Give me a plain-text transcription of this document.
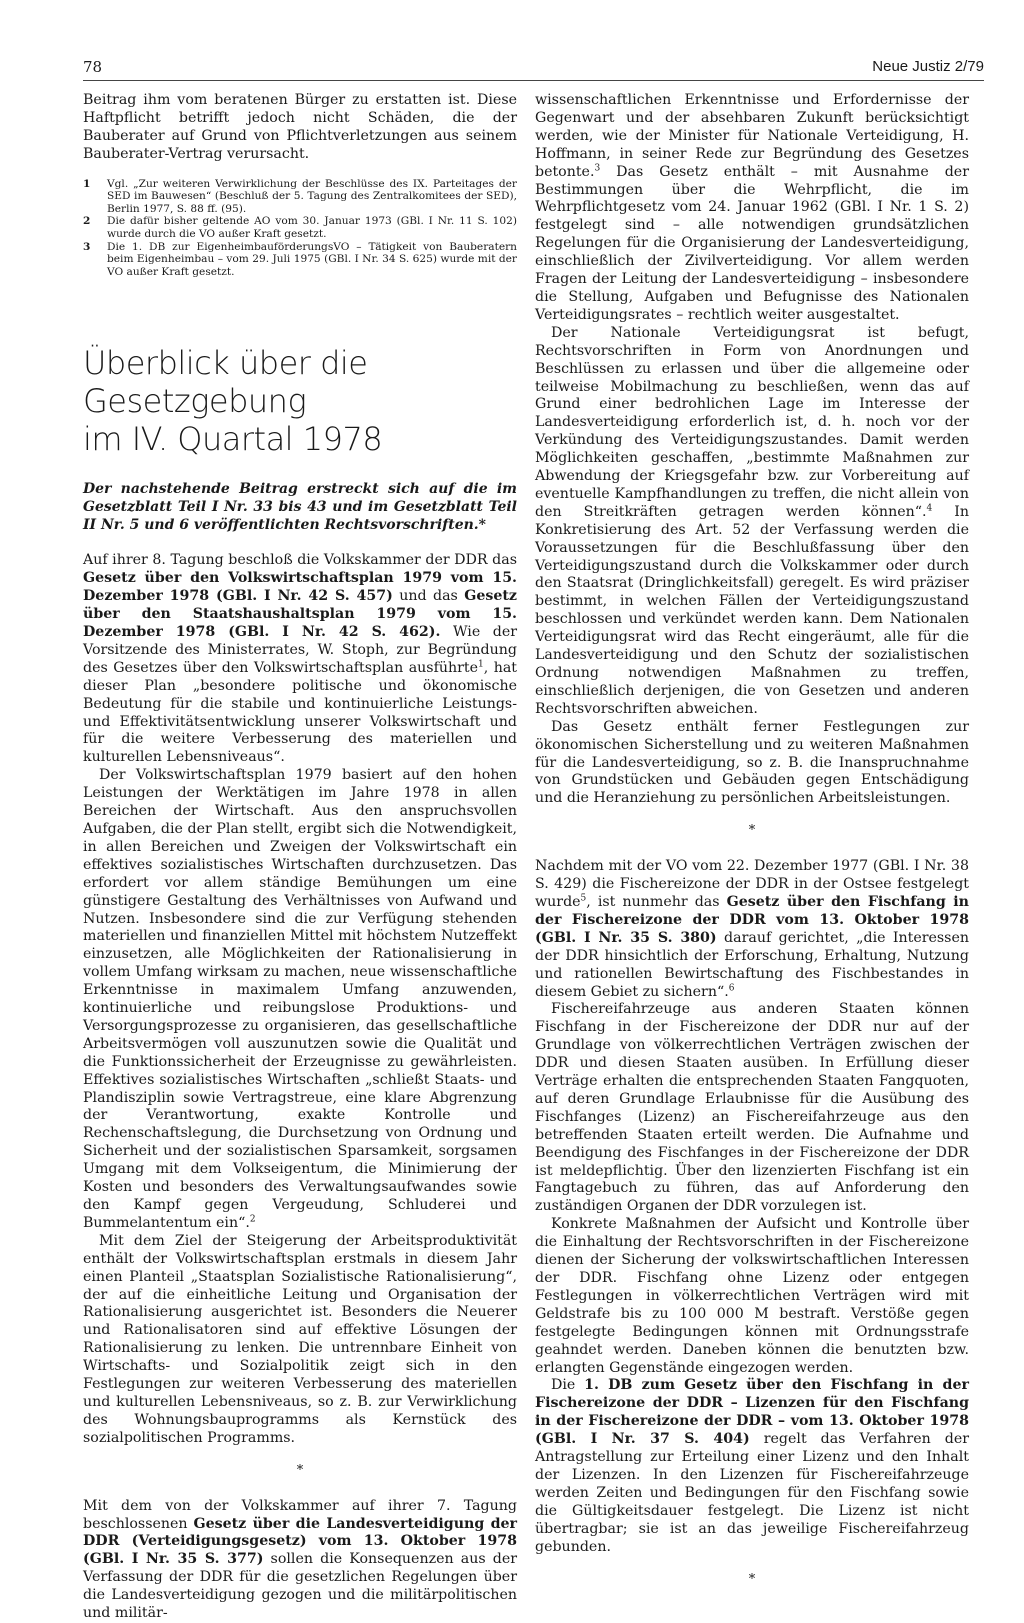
78	Neue Justiz 2/79

Beitrag ihm vom beratenen Bürger zu erstatten ist. Diese Haftpflicht betrifft jedoch nicht Schäden, die der Bauberater auf Grund von Pflichtverletzungen aus seinem Bauberater-Vertrag verursacht.

1	Vgl. „Zur weiteren Verwirklichung der Beschlüsse des IX. Parteitages der SED im Bauwesen“ (Beschluß der 5. Tagung des Zentralkomitees der SED), Berlin 1977, S. 88 ff. (95).
2	Die dafür bisher geltende AO vom 30. Januar 1973 (GBl. I Nr. 11 S. 102) wurde durch die VO außer Kraft gesetzt.
3	Die 1. DB zur EigenheimbauförderungsVO – Tätigkeit von Bauberatern beim Eigenheimbau – vom 29. Juli 1975 (GBl. I Nr. 34 S. 625) wurde mit der VO außer Kraft gesetzt.
Überblick über die Gesetzgebung
im IV. Quartal 1978

Der nachstehende Beitrag erstreckt sich auf die im Gesetzblatt Teil I Nr. 33 bis 43 und im Gesetzblatt Teil II Nr. 5 und 6 veröffentlichten Rechtsvorschriften.*

Auf ihrer 8. Tagung beschloß die Volkskammer der DDR das Gesetz über den Volkswirtschaftsplan 1979 vom 15. Dezember 1978 (GBl. I Nr. 42 S. 457) und das Gesetz über den Staatshaushaltsplan 1979 vom 15. Dezember 1978 (GBl. I Nr. 42 S. 462). Wie der Vorsitzende des Ministerrates, W. Stoph, zur Begründung des Gesetzes über den Volkswirtschaftsplan ausführte$^1$, hat dieser Plan „besondere politische und ökonomische Bedeutung für die stabile und kontinuierliche Leistungs- und Effektivitätsentwicklung unserer Volkswirtschaft und für die weitere Verbesserung des materiellen und kulturellen Lebensniveaus“.

Der Volkswirtschaftsplan 1979 basiert auf den hohen Leistungen der Werktätigen im Jahre 1978 in allen Bereichen der Wirtschaft. Aus den anspruchsvollen Aufgaben, die der Plan stellt, ergibt sich die Notwendigkeit, in allen Bereichen und Zweigen der Volkswirtschaft ein effektives sozialistisches Wirtschaften durchzusetzen. Das erfordert vor allem ständige Bemühungen um eine günstigere Gestaltung des Verhältnisses von Aufwand und Nutzen. Insbesondere sind die zur Verfügung stehenden materiellen und finanziellen Mittel mit höchstem Nutzeffekt einzusetzen, alle Möglichkeiten der Rationalisierung in vollem Umfang wirksam zu machen, neue wissenschaftliche Erkenntnisse in maximalem Umfang anzuwenden, kontinuierliche und reibungslose Produktions- und Versorgungsprozesse zu organisieren, das gesellschaftliche Arbeitsvermögen voll auszunutzen sowie die Qualität und die Funktionssicherheit der Erzeugnisse zu gewährleisten. Effektives sozialistisches Wirtschaften „schließt Staats- und Plandisziplin sowie Vertragstreue, eine klare Abgrenzung der Verantwortung, exakte Kontrolle und Rechenschaftslegung, die Durchsetzung von Ordnung und Sicherheit und der sozialistischen Sparsamkeit, sorgsamen Umgang mit dem Volkseigentum, die Minimierung der Kosten und besonders des Verwaltungsaufwandes sowie den Kampf gegen Vergeudung, Schluderei und Bummelantentum ein“.$^2$

Mit dem Ziel der Steigerung der Arbeitsproduktivität enthält der Volkswirtschaftsplan erstmals in diesem Jahr einen Planteil „Staatsplan Sozialistische Rationalisierung“, der auf die einheitliche Leitung und Organisation der Rationalisierung ausgerichtet ist. Besonders die Neuerer und Rationalisatoren sind auf effektive Lösungen der Rationalisierung zu lenken. Die untrennbare Einheit von Wirtschafts- und Sozialpolitik zeigt sich in den Festlegungen zur weiteren Verbesserung des materiellen und kulturellen Lebensniveaus, so z. B. zur Verwirklichung des Wohnungsbauprogramms als Kernstück des sozialpolitischen Programms.

*

Mit dem von der Volkskammer auf ihrer 7. Tagung beschlossenen Gesetz über die Landesverteidigung der DDR (Verteidigungsgesetz) vom 13. Oktober 1978 (GBl. I Nr. 35 S. 377) sollen die Konsequenzen aus der Verfassung der DDR für die gesetzlichen Regelungen über die Landesverteidigung gezogen und die militärpolitischen und militär-

wissenschaftlichen Erkenntnisse und Erfordernisse der Gegenwart und der absehbaren Zukunft berücksichtigt werden, wie der Minister für Nationale Verteidigung, H. Hoffmann, in seiner Rede zur Begründung des Gesetzes betonte.$^3$ Das Gesetz enthält – mit Ausnahme der Bestimmungen über die Wehrpflicht, die im Wehrpflichtgesetz vom 24. Januar 1962 (GBl. I Nr. 1 S. 2) festgelegt sind – alle notwendigen grundsätzlichen Regelungen für die Organisierung der Landesverteidigung, einschließlich der Zivilverteidigung. Vor allem werden Fragen der Leitung der Landesverteidigung – insbesondere die Stellung, Aufgaben und Befugnisse des Nationalen Verteidigungsrates – rechtlich weiter ausgestaltet.

Der Nationale Verteidigungsrat ist befugt, Rechtsvorschriften in Form von Anordnungen und Beschlüssen zu erlassen und über die allgemeine oder teilweise Mobilmachung zu beschließen, wenn das auf Grund einer bedrohlichen Lage im Interesse der Landesverteidigung erforderlich ist, d. h. noch vor der Verkündung des Verteidigungszustandes. Damit werden Möglichkeiten geschaffen, „bestimmte Maßnahmen zur Abwendung der Kriegsgefahr bzw. zur Vorbereitung auf eventuelle Kampfhandlungen zu treffen, die nicht allein von den Streitkräften getragen werden können“.$^4$ In Konkretisierung des Art. 52 der Verfassung werden die Voraussetzungen für die Beschlußfassung über den Verteidigungszustand durch die Volkskammer oder durch den Staatsrat (Dringlichkeitsfall) geregelt. Es wird präziser bestimmt, in welchen Fällen der Verteidigungszustand beschlossen und verkündet werden kann. Dem Nationalen Verteidigungsrat wird das Recht eingeräumt, alle für die Landesverteidigung und den Schutz der sozialistischen Ordnung notwendigen Maßnahmen zu treffen, einschließlich derjenigen, die von Gesetzen und anderen Rechtsvorschriften abweichen.

Das Gesetz enthält ferner Festlegungen zur ökonomischen Sicherstellung und zu weiteren Maßnahmen für die Landesverteidigung, so z. B. die Inanspruchnahme von Grundstücken und Gebäuden gegen Entschädigung und die Heranziehung zu persönlichen Arbeitsleistungen.

*

Nachdem mit der VO vom 22. Dezember 1977 (GBl. I Nr. 38 S. 429) die Fischereizone der DDR in der Ostsee festgelegt wurde$^5$, ist nunmehr das Gesetz über den Fischfang in der Fischereizone der DDR vom 13. Oktober 1978 (GBl. I Nr. 35 S. 380) darauf gerichtet, „die Interessen der DDR hinsichtlich der Erforschung, Erhaltung, Nutzung und rationellen Bewirtschaftung des Fischbestandes in diesem Gebiet zu sichern“.$^6$

Fischereifahrzeuge aus anderen Staaten können Fischfang in der Fischereizone der DDR nur auf der Grundlage von völkerrechtlichen Verträgen zwischen der DDR und diesen Staaten ausüben. In Erfüllung dieser Verträge erhalten die entsprechenden Staaten Fangquoten, auf deren Grundlage Erlaubnisse für die Ausübung des Fischfanges (Lizenz) an Fischereifahrzeuge aus den betreffenden Staaten erteilt werden. Die Aufnahme und Beendigung des Fischfanges in der Fischereizone der DDR ist meldepflichtig. Über den lizenzierten Fischfang ist ein Fangtagebuch zu führen, das auf Anforderung den zuständigen Organen der DDR vorzulegen ist.

Konkrete Maßnahmen der Aufsicht und Kontrolle über die Einhaltung der Rechtsvorschriften in der Fischereizone dienen der Sicherung der volkswirtschaftlichen Interessen der DDR. Fischfang ohne Lizenz oder entgegen Festlegungen in völkerrechtlichen Verträgen wird mit Geldstrafe bis zu 100 000 M bestraft. Verstöße gegen festgelegte Bedingungen können mit Ordnungsstrafe geahndet werden. Daneben können die benutzten bzw. erlangten Gegenstände eingezogen werden.

Die 1. DB zum Gesetz über den Fischfang in der Fischereizone der DDR – Lizenzen für den Fischfang in der Fischereizone der DDR – vom 13. Oktober 1978 (GBl. I Nr. 37 S. 404) regelt das Verfahren der Antragstellung zur Erteilung einer Lizenz und den Inhalt der Lizenzen. In den Lizenzen für Fischereifahrzeuge werden Zeiten und Bedingungen für den Fischfang sowie die Gültigkeitsdauer festgelegt. Die Lizenz ist nicht übertragbar; sie ist an das jeweilige Fischereifahrzeug gebunden.

*
